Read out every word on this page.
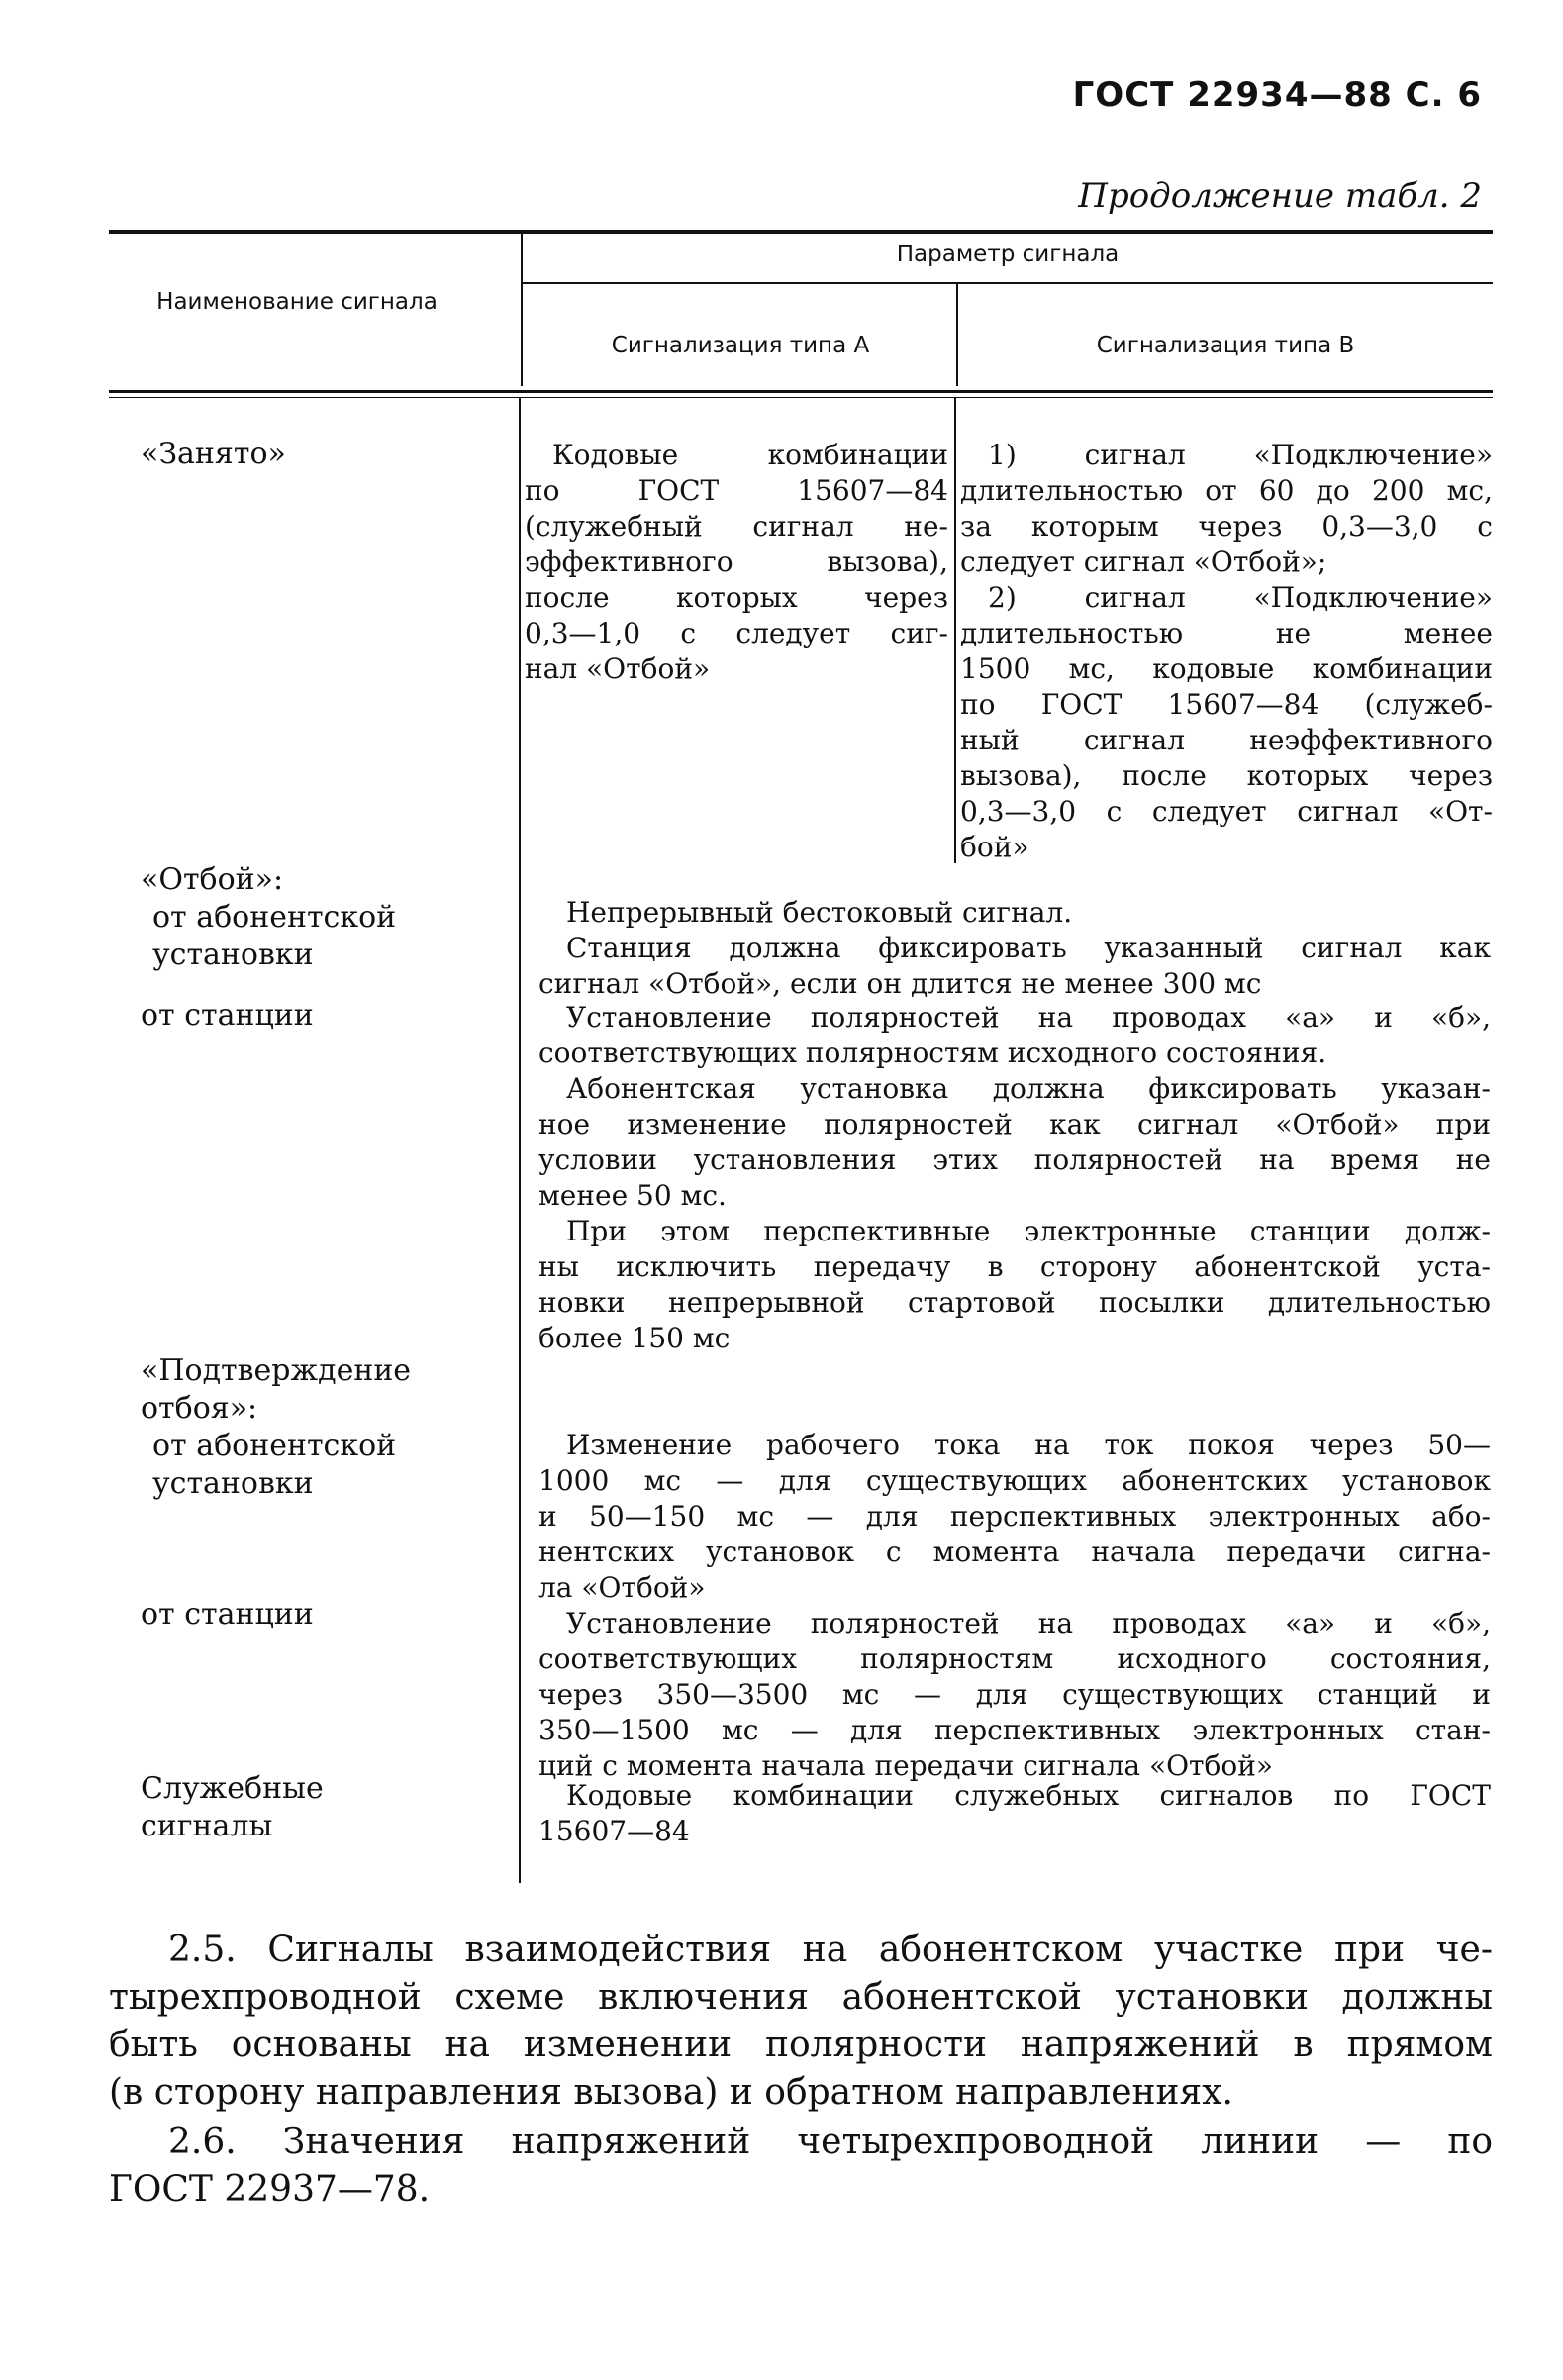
ГОСТ 22934—88 С. 6
Продолжение табл. 2
Наименование сигнала
Параметр сигнала
Сигнализация типа А	Сигнализация типа В
«Занято»	Кодовые комбинации
по ГОСТ 15607—84
(служебный сигнал не-
эффективного вызова),
после которых через
0,3—1,0 с следует сиг-
нал «Отбой»
1) сигнал «Подключение»
длительностью от 60 до 200 мс,
за которым через 0,3—3,0 с
следует сигнал «Отбой»;
2) сигнал «Подключение»
длительностью не менее
1500 мс, кодовые комбинации
по ГОСТ 15607—84 (служеб-
ный сигнал неэффективного
вызова), после которых через
0,3—3,0 с следует сигнал «От-
бой»
«Отбой»:
от абонентской установки
от станции
Непрерывный бестоковый сигнал.
Станция должна фиксировать указанный сигнал как
сигнал «Отбой», если он длится не менее 300 мс
Установление полярностей на проводах «а» и «б»,
соответствующих полярностям исходного состояния.
Абонентская установка должна фиксировать указан-
ное изменение полярностей как сигнал «Отбой» при
условии установления этих полярностей на время не
менее 50 мс.
При этом перспективные электронные станции долж-
ны исключить передачу в сторону абонентской уста-
новки непрерывной стартовой посылки длительностью
более 150 мс
«Подтверждение отбоя»:
от абонентской установки
от станции
Изменение рабочего тока на ток покоя через 50—
1000 мс — для существующих абонентских установок
и 50—150 мс — для перспективных электронных або-
нентских установок с момента начала передачи сигна-
ла «Отбой»
Установление полярностей на проводах «а» и «б»,
соответствующих полярностям исходного состояния,
через 350—3500 мс — для существующих станций и
350—1500 мс — для перспективных электронных стан-
ций с момента начала передачи сигнала «Отбой»
Служебные сигналы
Кодовые комбинации служебных сигналов по ГОСТ
15607—84
2.5. Сигналы взаимодействия на абонентском участке при че-
тырехпроводной схеме включения абонентской установки должны
быть основаны на изменении полярности напряжений в прямом
(в сторону направления вызова) и обратном направлениях.
2.6. Значения напряжений четырехпроводной линии — по
ГОСТ 22937—78.
